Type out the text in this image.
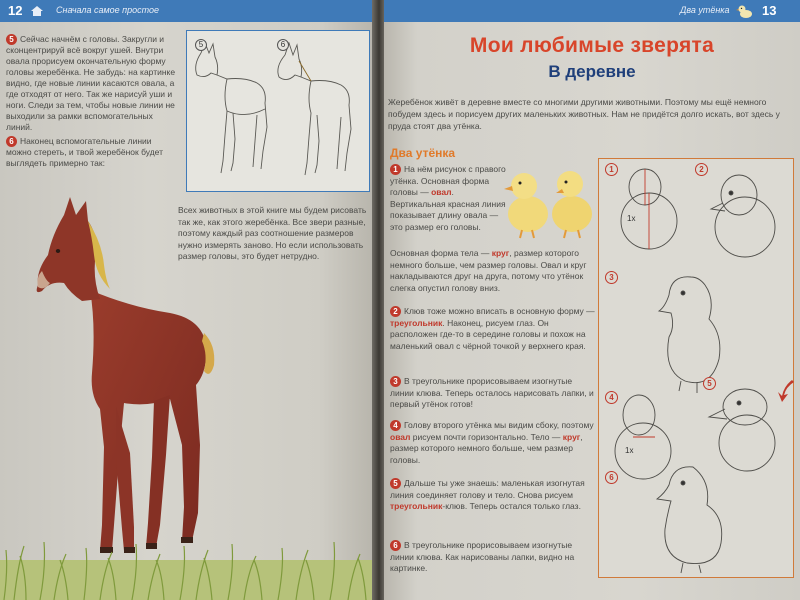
12	Сначала самое простое
5 Сейчас начнём с головы. Закругли и сконцентрируй всё вокруг ушей. Внутри овала прорисуем окончательную форму головы жеребёнка. Не забудь: на картинке видно, где новые линии касаются овала, а где отходят от него. Так же нарисуй уши и ноги. Следи за тем, чтобы новые линии не выходили за рамки вспомогательных линий.
6 Наконец вспомогательные линии можно стереть, и твой жеребёнок будет выглядеть примерно так:
5	6
Всех животных в этой книге мы будем рисовать так же, как этого жеребёнка. Все звери разные, поэтому каждый раз соотношение размеров нужно измерять заново. Но если использовать размер головы, это будет нетрудно.
Два утёнка 13
Мои любимые зверята
В деревне
Жеребёнок живёт в деревне вместе со многими другими животными. Поэтому мы ещё немного побудем здесь и порисуем других маленьких животных. Нам не придётся долго искать, вот здесь у пруда стоят два утёнка.
Два утёнка
1 На нём рисунок с правого утёнка. Основная форма головы — овал. Вертикальная красная линия показывает длину овала — это размер его головы.
Основная форма тела — круг, размер которого немного больше, чем размер головы. Овал и круг накладываются друг на друга, потому что утёнок слегка опустил голову вниз.
2 Клюв тоже можно вписать в основную форму — треугольник. Наконец, рисуем глаз. Он расположен где-то в середине головы и похож на маленький овал с чёрной точкой у верхнего края.
3 В треугольнике прорисовываем изогнутые линии клюва. Теперь осталось нарисовать лапки, и первый утёнок готов!
4 Голову второго утёнка мы видим сбоку, поэтому овал рисуем почти горизонтально. Тело — круг, размер которого немного больше, чем размер головы.
5 Дальше ты уже знаешь: маленькая изогнутая линия соединяет голову и тело. Снова рисуем треугольник-клюв. Теперь остался только глаз.
6 В треугольнике прорисовываем изогнутые линии клюва. Как нарисованы лапки, видно на картинке.
1x
1x
1	2
3
4
5
6
